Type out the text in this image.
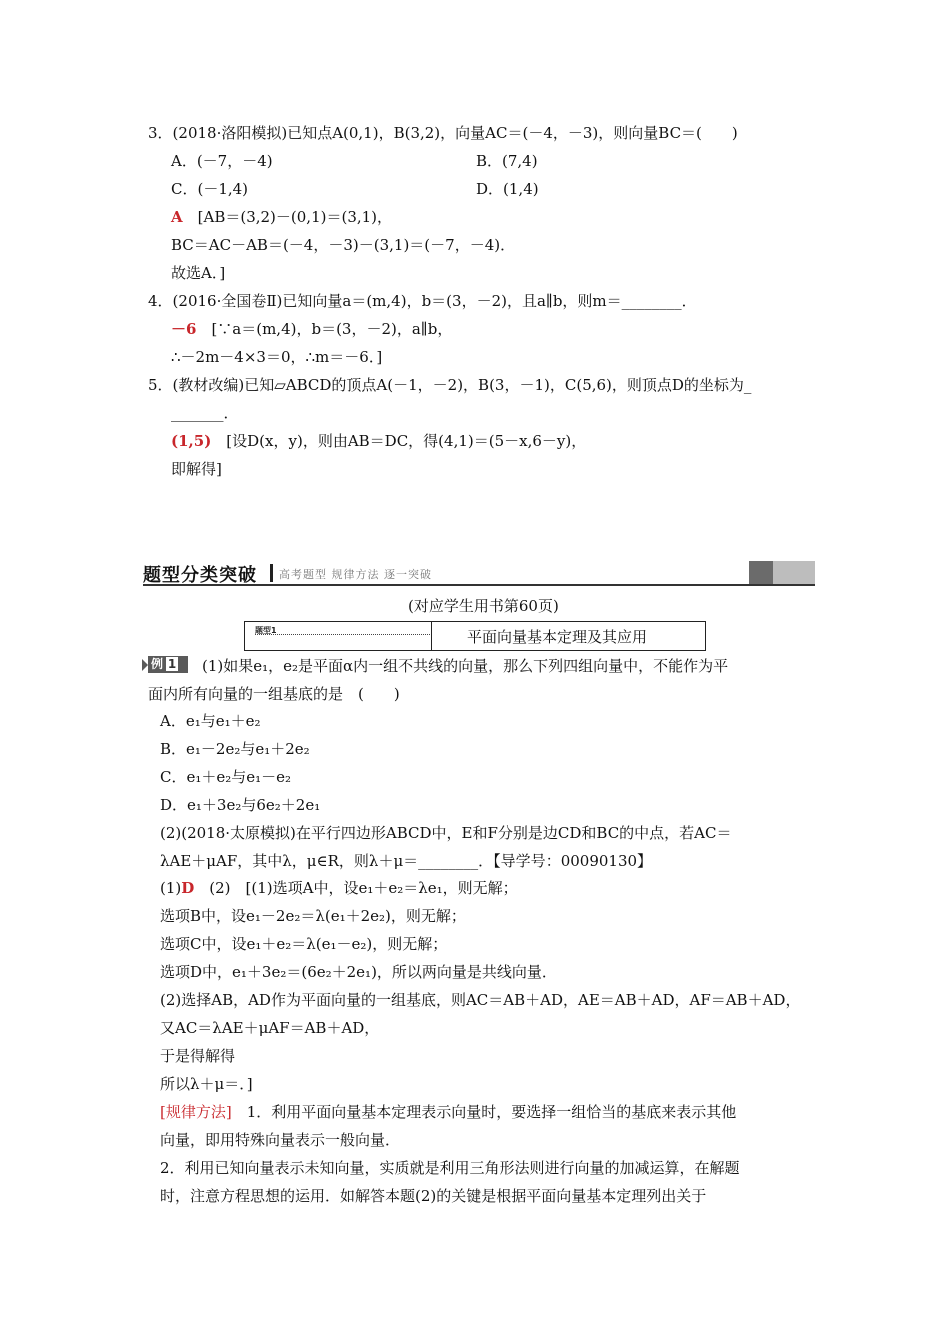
3．(2018·洛阳模拟)已知点A(0,1)，B(3,2)，向量AC＝(－4，－3)，则向量BC＝(　　)
A．(－7，－4)	B．(7,4)
C．(－1,4)	D．(1,4)
BC＝AC－AB＝(－4，－3)－(3,1)＝(－7，－4)．
故选A．]
4．(2016·全国卷Ⅱ)已知向量a＝(m,4)，b＝(3，－2)，且a∥b，则m＝________．
∴－2m－4×3＝0，∴m＝－6．]
5．(教材改编)已知▱ABCD的顶点A(－1，－2)，B(3，－1)，C(5,6)，则顶点D的坐标为_
_______．
即解得]
(对应学生用书第60页)
面内所有向量的一组基底的是　(　　)
A．e₁与e₁＋e₂
B．e₁－2e₂与e₁＋2e₂
C．e₁＋e₂与e₁－e₂
D．e₁＋3e₂与6e₂＋2e₁
(2)(2018·太原模拟)在平行四边形ABCD中，E和F分别是边CD和BC的中点，若AC＝
λAE＋μAF，其中λ，μ∈R，则λ＋μ＝________．【导学号：00090130】
选项B中，设e₁－2e₂＝λ(e₁＋2e₂)，则无解；
选项C中，设e₁＋e₂＝λ(e₁－e₂)，则无解；
选项D中，e₁＋3e₂＝(6e₂＋2e₁)，所以两向量是共线向量．
(2)选择AB，AD作为平面向量的一组基底，则AC＝AB＋AD，AE＝AB＋AD，AF＝AB＋AD，
又AC＝λAE＋μAF＝AB＋AD，
于是得解得
所以λ＋μ＝．]
向量，即用特殊向量表示一般向量．
2．利用已知向量表示未知向量，实质就是利用三角形法则进行向量的加减运算，在解题
时，注意方程思想的运用．如解答本题(2)的关键是根据平面向量基本定理列出关于
A　[AB＝(3,2)－(0,1)＝(3,1)，
－6　[∵a＝(m,4)，b＝(3，－2)，a∥b，
(1,5)　[设D(x，y)，则由AB＝DC，得(4,1)＝(5－x,6－y)，
题型分类突破 高考题型 规律方法 逐一突破
题型1	平面向量基本定理及其应用
例 1	(1)如果e₁，e₂是平面α内一组不共线的向量，那么下列四组向量中，不能作为平
(1)D　(2)　[(1)选项A中，设e₁＋e₂＝λe₁，则无解；
[规律方法]　1．利用平面向量基本定理表示向量时，要选择一组恰当的基底来表示其他
